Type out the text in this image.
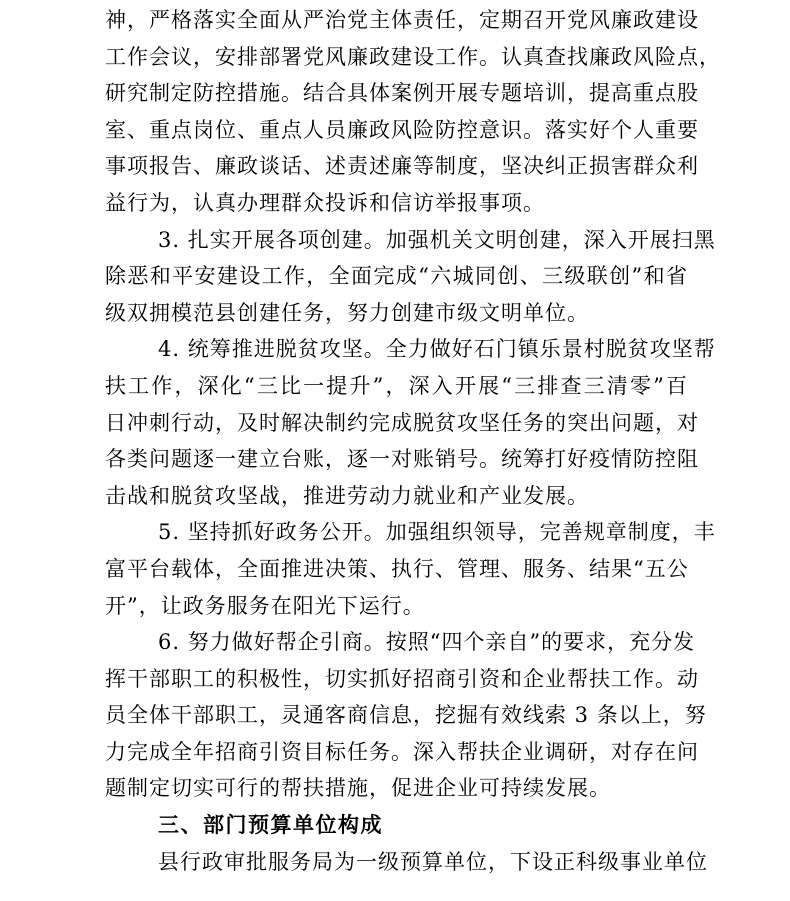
神，严格落实全面从严治党主体责任，定期召开党风廉政建设
工作会议，安排部署党风廉政建设工作。认真查找廉政风险点，
研究制定防控措施。结合具体案例开展专题培训，提高重点股
室、重点岗位、重点人员廉政风险防控意识。落实好个人重要
事项报告、廉政谈话、述责述廉等制度，坚决纠正损害群众利
益行为，认真办理群众投诉和信访举报事项。
3. 扎实开展各项创建。加强机关文明创建，深入开展扫黑
除恶和平安建设工作，全面完成“六城同创、三级联创”和省
级双拥模范县创建任务，努力创建市级文明单位。
4. 统筹推进脱贫攻坚。全力做好石门镇乐景村脱贫攻坚帮
扶工作，深化“三比一提升”，深入开展“三排查三清零”百
日冲刺行动，及时解决制约完成脱贫攻坚任务的突出问题，对
各类问题逐一建立台账，逐一对账销号。统筹打好疫情防控阻
击战和脱贫攻坚战，推进劳动力就业和产业发展。
5. 坚持抓好政务公开。加强组织领导，完善规章制度，丰
富平台载体，全面推进决策、执行、管理、服务、结果“五公
开”，让政务服务在阳光下运行。
6. 努力做好帮企引商。按照“四个亲自”的要求，充分发
挥干部职工的积极性，切实抓好招商引资和企业帮扶工作。动
员全体干部职工，灵通客商信息，挖掘有效线索 3 条以上，努
力完成全年招商引资目标任务。深入帮扶企业调研，对存在问
题制定切实可行的帮扶措施，促进企业可持续发展。
三、部门预算单位构成
县行政审批服务局为一级预算单位，下设正科级事业单位
